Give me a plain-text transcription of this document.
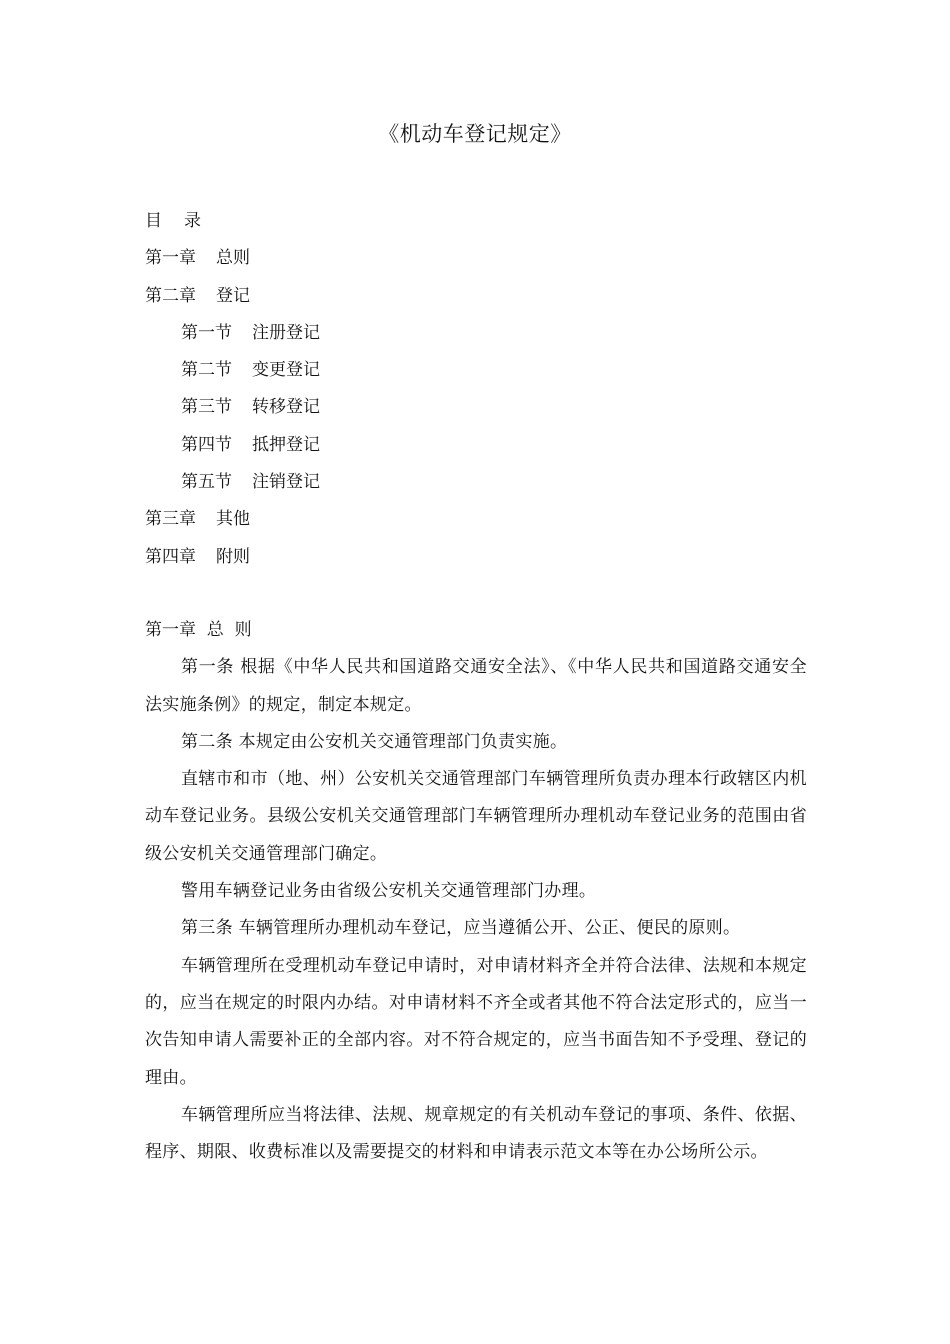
《机动车登记规定》
目 录
第一章 总则
第二章 登记
第一节 注册登记
第二节 变更登记
第三节 转移登记
第四节 抵押登记
第五节 注销登记
第三章 其他
第四章 附则
第一章  总  则

第一条 根据《中华人民共和国道路交通安全法》、《中华人民共和国道路交通安全法实施条例》的规定，制定本规定。

第二条 本规定由公安机关交通管理部门负责实施。

直辖市和市（地、州）公安机关交通管理部门车辆管理所负责办理本行政辖区内机动车登记业务。县级公安机关交通管理部门车辆管理所办理机动车登记业务的范围由省级公安机关交通管理部门确定。

警用车辆登记业务由省级公安机关交通管理部门办理。

第三条 车辆管理所办理机动车登记，应当遵循公开、公正、便民的原则。

车辆管理所在受理机动车登记申请时，对申请材料齐全并符合法律、法规和本规定的，应当在规定的时限内办结。对申请材料不齐全或者其他不符合法定形式的，应当一次告知申请人需要补正的全部内容。对不符合规定的，应当书面告知不予受理、登记的理由。

车辆管理所应当将法律、法规、规章规定的有关机动车登记的事项、条件、依据、程序、期限、收费标准以及需要提交的材料和申请表示范文本等在办公场所公示。
